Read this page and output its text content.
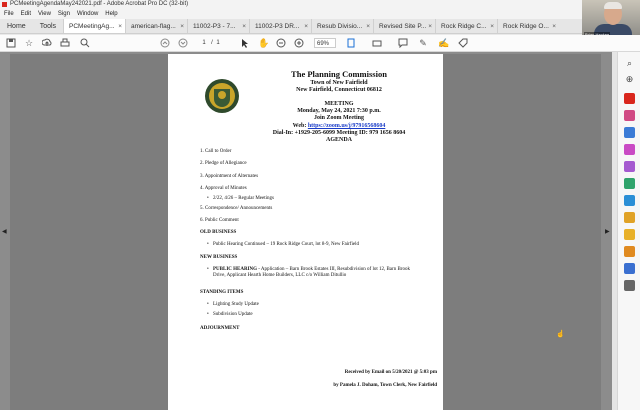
PCMeetingAgendaMay242021.pdf - Adobe Acrobat Pro DC (32-bit)
File Edit View Sign Window Help
Home	Tools	PCMeetingAg... ×	american-flag... ×	11002-P3 - 7... ×	11002-P3 DR... ×	Resub Divisio... ×	Revised Site P... ×	Rock Ridge C... ×	Rock Ridge O... ×
☆	1 / 1	✋	69%	✎ ✍
◀	▶
The Planning Commission
Town of New Fairfield
New Fairfield, Connecticut 06812
MEETING
Monday, May 24, 2021 7:30 p.m.
Join Zoom Meeting
Web: https://zoom.us/j/97916568604
Dial-In: +1929-205-6099 Meeting ID: 979 1656 8604
AGENDA
1. Call to Order
2. Pledge of Allegiance
3. Appointment of Alternates
4. Approval of Minutes
• 2/22, 4/26 – Regular Meetings
5. Correspondence/ Announcements
6. Public Comment
OLD BUSINESS
• Public Hearing Continued – 19 Rock Ridge Court, lot 8-9, New Fairfield
NEW BUSINESS
• PUBLIC HEARING - Application – Barn Brook Estates III, Resubdivision of lot 12, Barn Brook Drive, Applicant Hearth Home Builders, LLC c/o William Ditullio
STANDING ITEMS
• Lighting Study Update
• Subdivision Update
ADJOURNMENT
Received by Email on 5/20/2021 @ 5:03 pm
by Pamela J. Doham, Town Clerk, New Fairfield
☝
⌕
⊕
